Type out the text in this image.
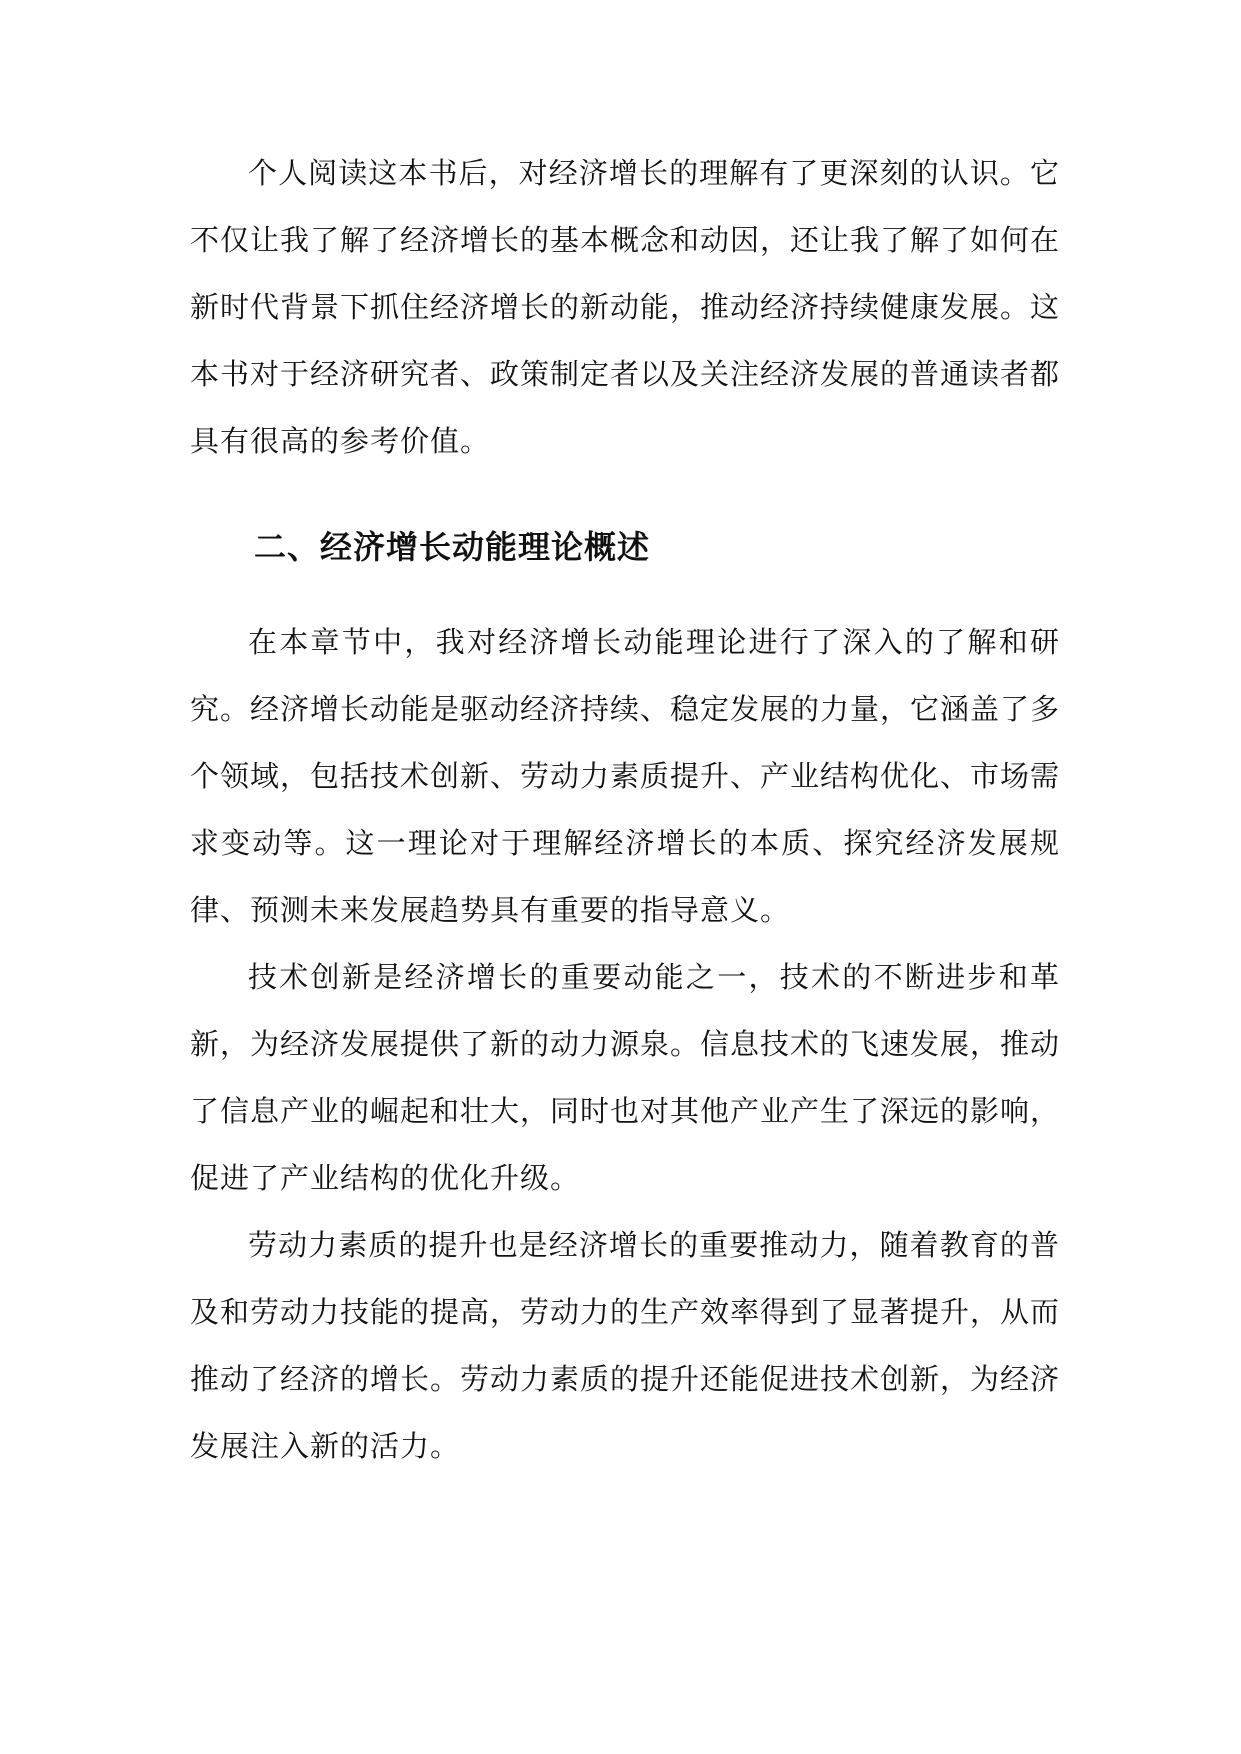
个人阅读这本书后，对经济增长的理解有了更深刻的认识。它不仅让我了解了经济增长的基本概念和动因，还让我了解了如何在新时代背景下抓住经济增长的新动能，推动经济持续健康发展。这本书对于经济研究者、政策制定者以及关注经济发展的普通读者都具有很高的参考价值。

二、经济增长动能理论概述

在本章节中，我对经济增长动能理论进行了深入的了解和研究。经济增长动能是驱动经济持续、稳定发展的力量，它涵盖了多个领域，包括技术创新、劳动力素质提升、产业结构优化、市场需求变动等。这一理论对于理解经济增长的本质、探究经济发展规律、预测未来发展趋势具有重要的指导意义。

技术创新是经济增长的重要动能之一，技术的不断进步和革新，为经济发展提供了新的动力源泉。信息技术的飞速发展，推动了信息产业的崛起和壮大，同时也对其他产业产生了深远的影响，促进了产业结构的优化升级。

劳动力素质的提升也是经济增长的重要推动力，随着教育的普及和劳动力技能的提高，劳动力的生产效率得到了显著提升，从而推动了经济的增长。劳动力素质的提升还能促进技术创新，为经济发展注入新的活力。
